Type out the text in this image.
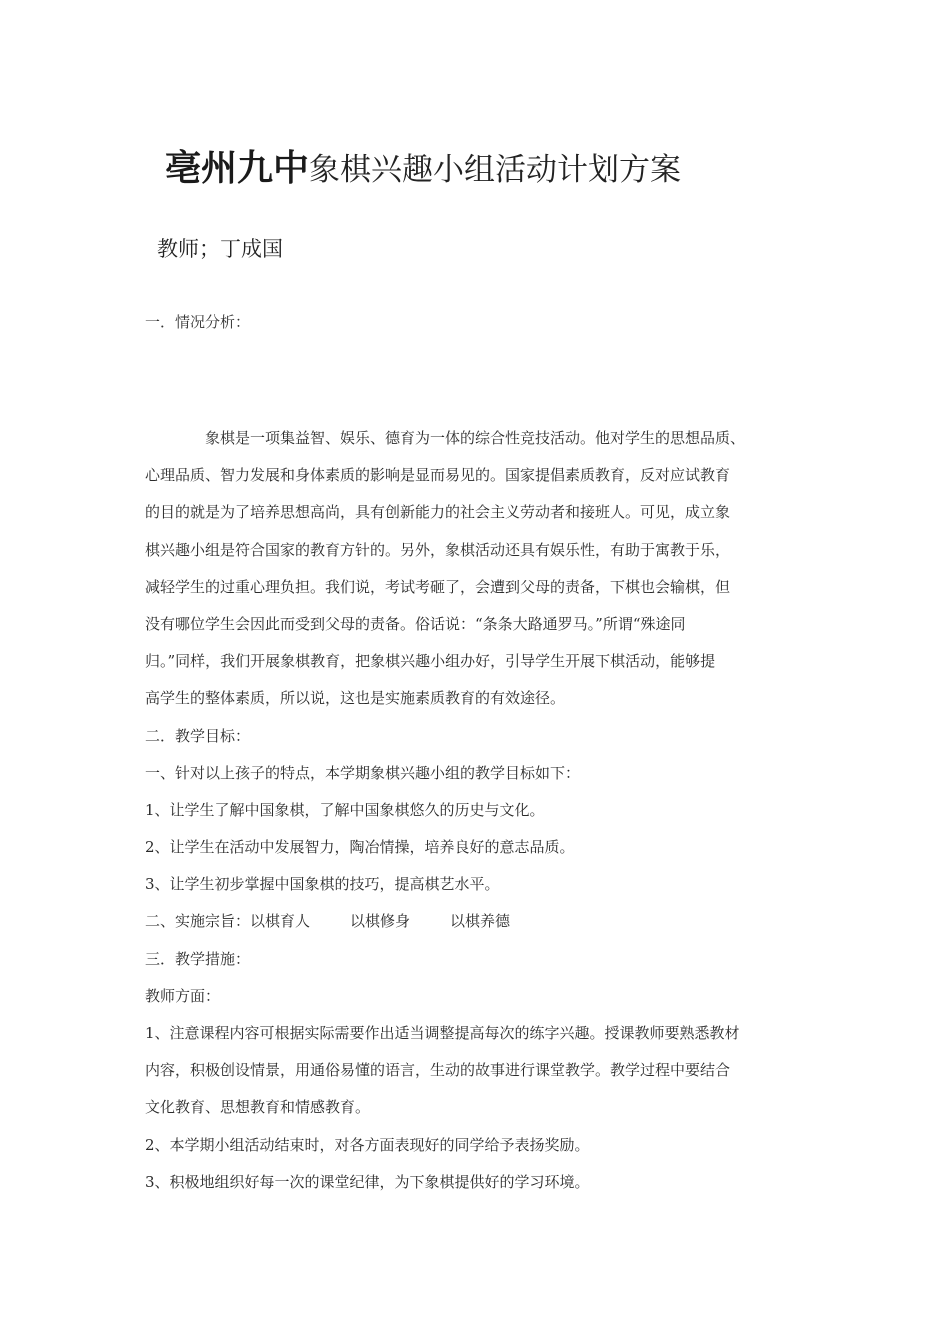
亳州九中象棋兴趣小组活动计划方案
教师；丁成国
一．情况分析：
象棋是一项集益智、娱乐、德育为一体的综合性竞技活动。他对学生的思想品质、
心理品质、智力发展和身体素质的影响是显而易见的。国家提倡素质教育，反对应试教育
的目的就是为了培养思想高尚，具有创新能力的社会主义劳动者和接班人。可见，成立象
棋兴趣小组是符合国家的教育方针的。另外，象棋活动还具有娱乐性，有助于寓教于乐，
减轻学生的过重心理负担。我们说，考试考砸了，会遭到父母的责备，下棋也会输棋，但
没有哪位学生会因此而受到父母的责备。俗话说：“条条大路通罗马。”所谓“殊途同
归。”同样，我们开展象棋教育，把象棋兴趣小组办好，引导学生开展下棋活动，能够提
高学生的整体素质，所以说，这也是实施素质教育的有效途径。
二．教学目标：
一、针对以上孩子的特点，本学期象棋兴趣小组的教学目标如下：
1、让学生了解中国象棋，了解中国象棋悠久的历史与文化。
2、让学生在活动中发展智力，陶冶情操，培养良好的意志品质。
3、让学生初步掌握中国象棋的技巧，提高棋艺水平。
二、实施宗旨：以棋育人	以棋修身	以棋养德
三．教学措施：
教师方面：
1、注意课程内容可根据实际需要作出适当调整提高每次的练字兴趣。授课教师要熟悉教材
内容，积极创设情景，用通俗易懂的语言，生动的故事进行课堂教学。教学过程中要结合
文化教育、思想教育和情感教育。
2、本学期小组活动结束时，对各方面表现好的同学给予表扬奖励。
3、积极地组织好每一次的课堂纪律，为下象棋提供好的学习环境。
